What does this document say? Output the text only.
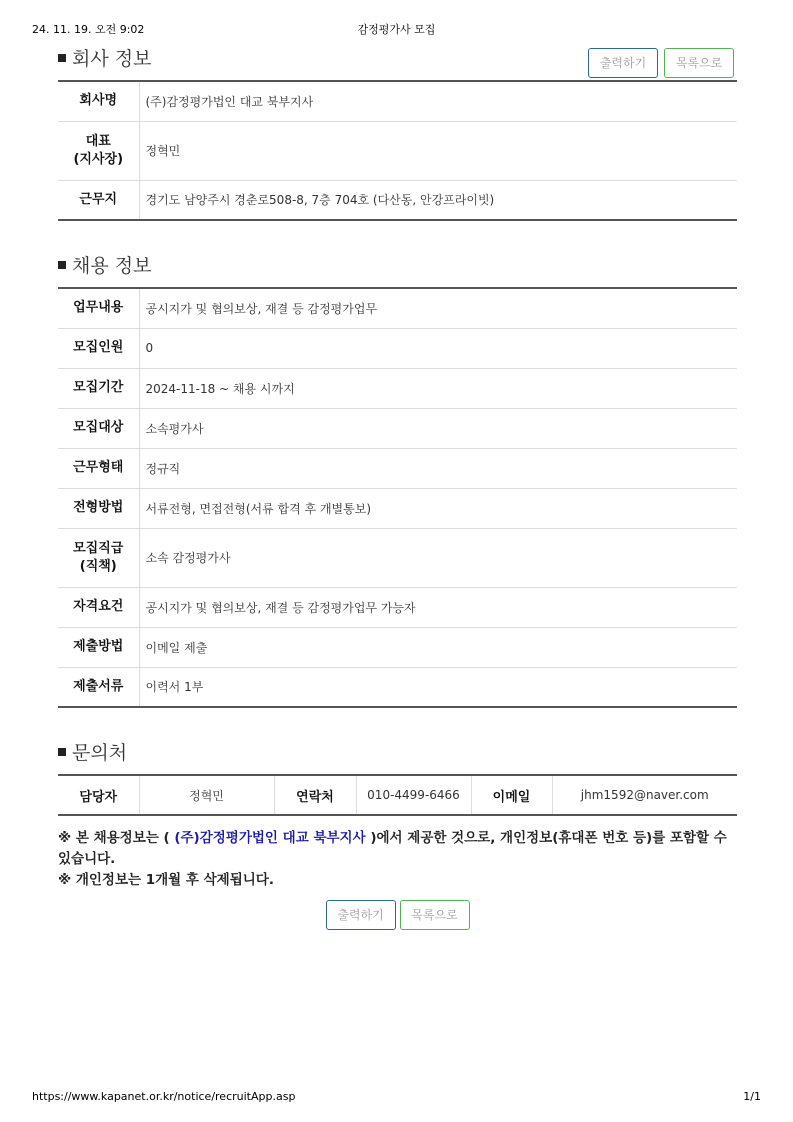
24. 11. 19. 오전 9:02	감정평가사 모집
회사 정보	출력하기	목록으로
회사명	(주)감정평가법인 대교 북부지사
대표
(지사장)	정혁민
근무지	경기도 남양주시 경춘로508-8, 7층 704호 (다산동, 안강프라이빗)
채용 정보
업무내용	공시지가 및 협의보상, 재결 등 감정평가업무
모집인원	0
모집기간	2024-11-18 ~ 채용 시까지
모집대상	소속평가사
근무형태	정규직
전형방법	서류전형, 면접전형(서류 합격 후 개별통보)
모집직급
(직책)	소속 감정평가사
자격요건	공시지가 및 협의보상, 재결 등 감정평가업무 가능자
제출방법	이메일 제출
제출서류	이력서 1부
문의처
담당자	정혁민	연락처	010-4499-6466	이메일	jhm1592@naver.com
※ 본 채용정보는 ( (주)감정평가법인 대교 북부지사 )에서 제공한 것으로, 개인정보(휴대폰 번호 등)를 포함할 수 있습니다.
※ 개인정보는 1개월 후 삭제됩니다.
출력하기	목록으로
https://www.kapanet.or.kr/notice/recruitApp.asp	1/1
